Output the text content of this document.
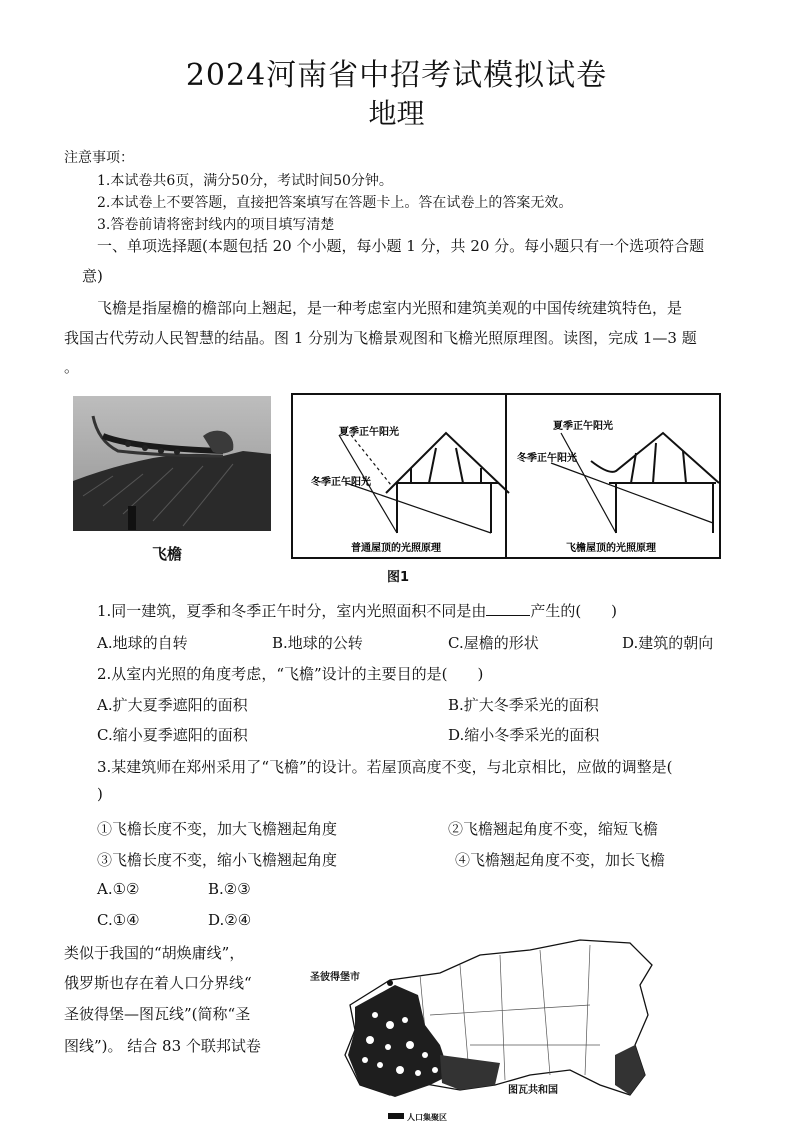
2024河南省中招考试模拟试卷
地理
注意事项：
1.本试卷共6页，满分50分，考试时间50分钟。
2.本试卷上不要答题，直接把答案填写在答题卡上。答在试卷上的答案无效。
3.答卷前请将密封线内的项目填写清楚
一、单项选择题(本题包括 20 个小题，每小题 1 分，共 20 分。每小题只有一个选项符合题
意)
飞檐是指屋檐的檐部向上翘起，是一种考虑室内光照和建筑美观的中国传统建筑特色，是
我国古代劳动人民智慧的结晶。图 1 分别为飞檐景观图和飞檐光照原理图。读图，完成 1—3 题
。
飞檐
夏季正午阳光
冬季正午阳光
普通屋顶的光照原理
夏季正午阳光
冬季正午阳光
飞檐屋顶的光照原理
图1
1.同一建筑，夏季和冬季正午时分，室内光照面积不同是由	产生的(　　)
A.地球的自转	B.地球的公转	C.屋檐的形状	D.建筑的朝向
2.从室内光照的角度考虑，“飞檐”设计的主要目的是(　　)
A.扩大夏季遮阳的面积	B.扩大冬季采光的面积
C.缩小夏季遮阳的面积	D.缩小冬季采光的面积
3.某建筑师在郑州采用了“飞檐”的设计。若屋顶高度不变，与北京相比，应做的调整是(
)
①飞檐长度不变，加大飞檐翘起角度	②飞檐翘起角度不变，缩短飞檐
③飞檐长度不变，缩小飞檐翘起角度	④飞檐翘起角度不变，加长飞檐
A.①②	B.②③
C.①④	D.②④
类似于我国的“胡焕庸线”，
俄罗斯也存在着人口分界线“
圣彼得堡—图瓦线”(简称“圣
图线”)。 结合 83 个联邦试卷
圣彼得堡市
图瓦共和国
人口集聚区
